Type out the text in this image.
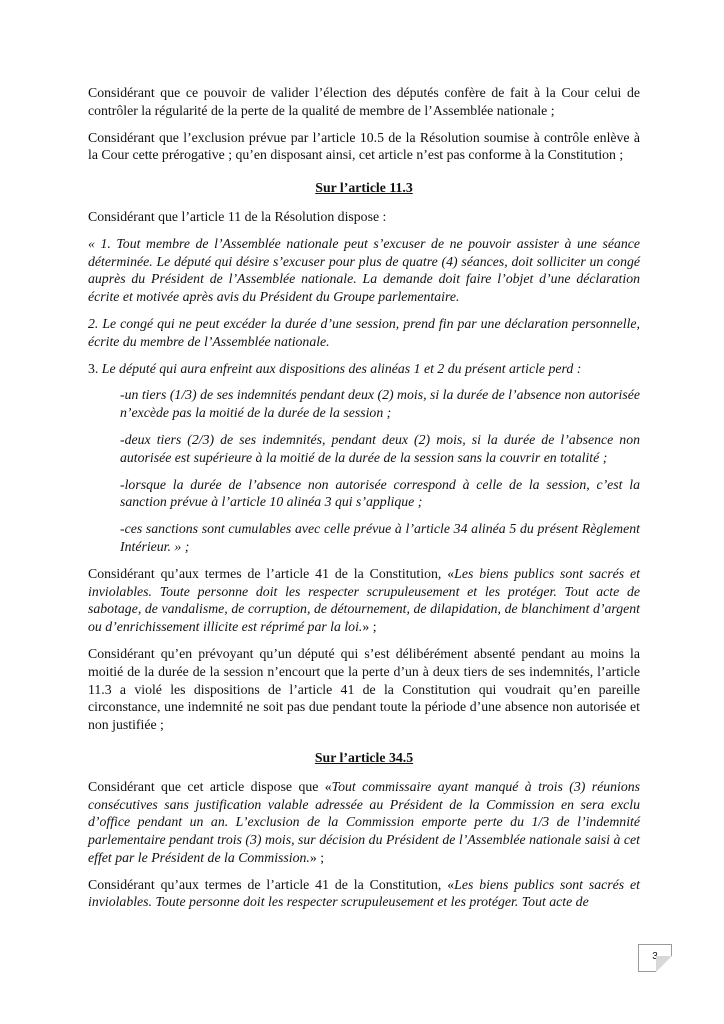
Considérant que ce pouvoir de valider l’élection des députés confère de fait à la Cour celui de contrôler la régularité de la perte de la qualité de membre de l’Assemblée nationale ;

Considérant que l’exclusion prévue par l’article 10.5 de la Résolution soumise à contrôle enlève à la Cour cette prérogative ; qu’en disposant ainsi, cet article n’est pas conforme à la Constitution ;

Sur l’article 11.3

Considérant que l’article 11 de la Résolution dispose :

« 1. Tout membre de l’Assemblée nationale peut s’excuser de ne pouvoir assister à une séance déterminée. Le député qui désire s’excuser pour plus de quatre (4) séances, doit solliciter un congé auprès du Président de l’Assemblée nationale. La demande doit faire l’objet d’une déclaration écrite et motivée après avis du Président du Groupe parlementaire.

2. Le congé qui ne peut excéder la durée d’une session, prend fin par une déclaration personnelle, écrite du membre de l’Assemblée nationale.

3. Le député qui aura enfreint aux dispositions des alinéas 1 et 2 du présent article perd :

-un tiers (1/3) de ses indemnités pendant deux (2) mois, si la durée de l’absence non autorisée n’excède pas la moitié de la durée de la session ;

-deux tiers (2/3) de ses indemnités, pendant deux (2) mois, si la durée de l’absence non autorisée est supérieure à la moitié de la durée de la session sans la couvrir en totalité ;

-lorsque la durée de l’absence non autorisée correspond à celle de la session, c’est la sanction prévue à l’article 10 alinéa 3 qui s’applique ;

-ces sanctions sont cumulables avec celle prévue à l’article 34 alinéa 5 du présent Règlement Intérieur. » ;

Considérant qu’aux termes de l’article 41 de la Constitution, «Les biens publics sont sacrés et inviolables. Toute personne doit les respecter scrupuleusement et les protéger. Tout acte de sabotage, de vandalisme, de corruption, de détournement, de dilapidation, de blanchiment d’argent ou d’enrichissement illicite est réprimé par la loi.» ;

Considérant qu’en prévoyant qu’un député qui s’est délibérément absenté pendant au moins la moitié de la durée de la session n’encourt que la perte d’un à deux tiers de ses indemnités, l’article 11.3 a violé les dispositions de l’article 41 de la Constitution qui voudrait qu’en pareille circonstance, une indemnité ne soit pas due pendant toute la période d’une absence non autorisée et non justifiée ;

Sur l’article 34.5

Considérant que cet article dispose que «Tout commissaire ayant manqué à trois (3) réunions consécutives sans justification valable adressée au Président de la Commission en sera exclu d’office pendant un an. L’exclusion de la Commission emporte perte du 1/3 de l’indemnité parlementaire pendant trois (3) mois, sur décision du Président de l’Assemblée nationale saisi à cet effet par le Président de la Commission.» ;

Considérant qu’aux termes de l’article 41 de la Constitution, «Les biens publics sont sacrés et inviolables. Toute personne doit les respecter scrupuleusement et les protéger. Tout acte de

3
